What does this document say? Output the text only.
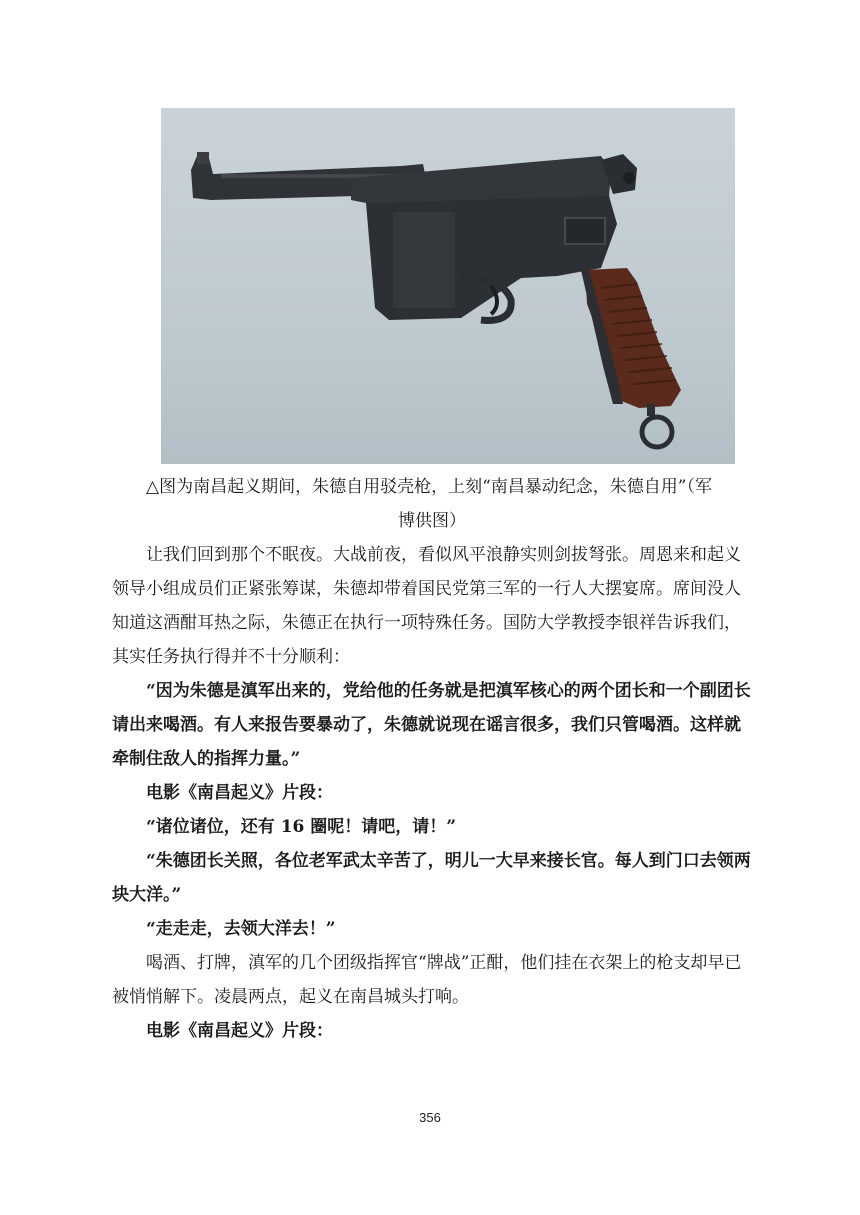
△图为南昌起义期间，朱德自用驳壳枪，上刻“南昌暴动纪念，朱德自用”（军

博供图）

让我们回到那个不眠夜。大战前夜，看似风平浪静实则剑拔弩张。周恩来和起义领导小组成员们正紧张筹谋，朱德却带着国民党第三军的一行人大摆宴席。席间没人知道这酒酣耳热之际，朱德正在执行一项特殊任务。国防大学教授李银祥告诉我们，其实任务执行得并不十分顺利：

“因为朱德是滇军出来的，党给他的任务就是把滇军核心的两个团长和一个副团长请出来喝酒。有人来报告要暴动了，朱德就说现在谣言很多，我们只管喝酒。这样就牵制住敌人的指挥力量。”

电影《南昌起义》片段：

“诸位诸位，还有 16 圈呢！请吧，请！”

“朱德团长关照，各位老军武太辛苦了，明儿一大早来接长官。每人到门口去领两块大洋。”

“走走走，去领大洋去！”

喝酒、打牌，滇军的几个团级指挥官“牌战”正酣，他们挂在衣架上的枪支却早已被悄悄解下。凌晨两点，起义在南昌城头打响。

电影《南昌起义》片段：

356
